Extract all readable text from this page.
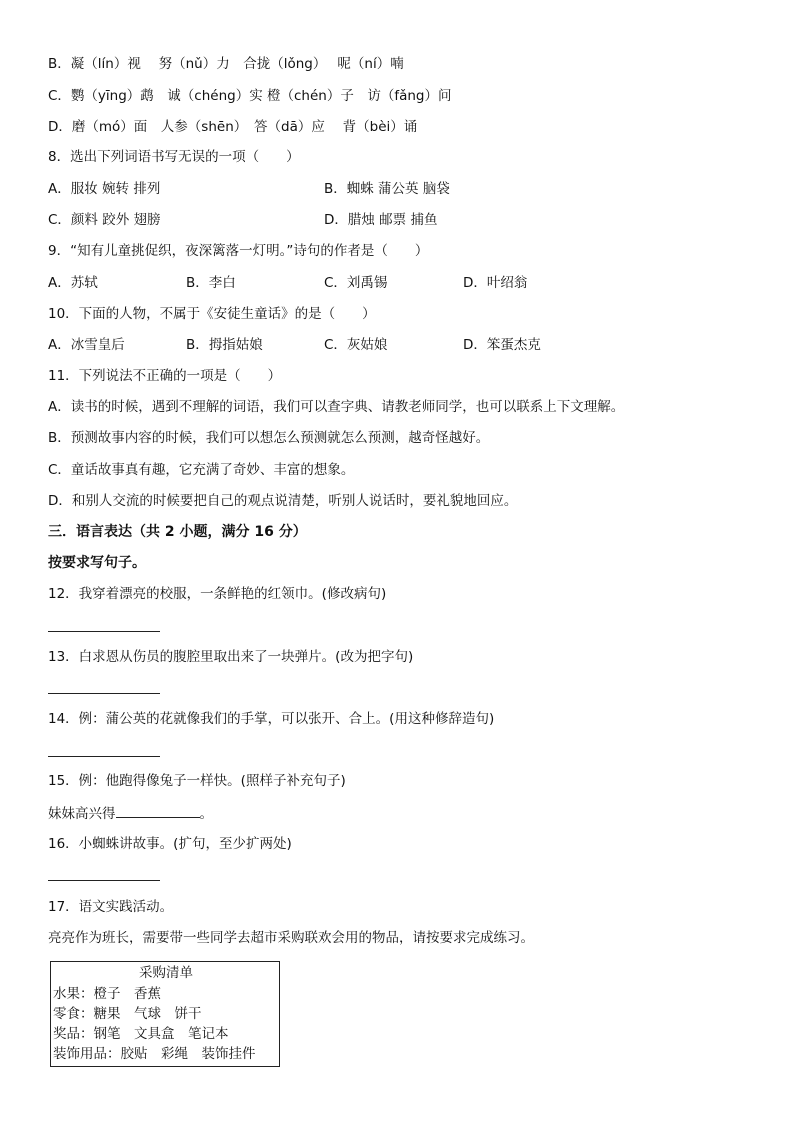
B．凝（lín）视　 努（nǔ）力　合拢（lǒng）　 呢（ní）喃
C．鹦（yīng）鹉　诚（chéng）实 橙（chén）子　访（fǎng）问
D．磨（mó）面　人参（shēn）　答（dā）应　 背（bèi）诵
8．选出下列词语书写无误的一项（　　）
A．服妆 婉转 排列	B．蜘蛛 蒲公英 脑袋
C．颜料 跤外 翅膀	D．腊烛 邮票 捕鱼
9．“知有儿童挑促织，夜深篱落一灯明。”诗句的作者是（　　）
A．苏轼	B．李白	C．刘禹锡	D．叶绍翁
10．下面的人物，不属于《安徒生童话》的是（　　）
A．冰雪皇后	B．拇指姑娘	C．灰姑娘	D．笨蛋杰克
11．下列说法不正确的一项是（　　）
A．读书的时候，遇到不理解的词语，我们可以查字典、请教老师同学，也可以联系上下文理解。
B．预测故事内容的时候，我们可以想怎么预测就怎么预测，越奇怪越好。
C．童话故事真有趣，它充满了奇妙、丰富的想象。
D．和别人交流的时候要把自己的观点说清楚，听别人说话时，要礼貌地回应。
三．语言表达（共 2 小题，满分 16 分）
按要求写句子。
12．我穿着漂亮的校服，一条鲜艳的红领巾。(修改病句)
13．白求恩从伤员的腹腔里取出来了一块弹片。(改为把字句)
14．例：蒲公英的花就像我们的手掌，可以张开、合上。(用这种修辞造句)
15．例：他跑得像兔子一样快。(照样子补充句子)
妹妹高兴得	。
16．小蜘蛛讲故事。(扩句，至少扩两处)
17．语文实践活动。
亮亮作为班长，需要带一些同学去超市采购联欢会用的物品，请按要求完成练习。
采购清单
水果：橙子　香蕉
零食：糖果　气球　饼干
奖品：钢笔　文具盒　笔记本
装饰用品：胶贴　彩绳　装饰挂件
